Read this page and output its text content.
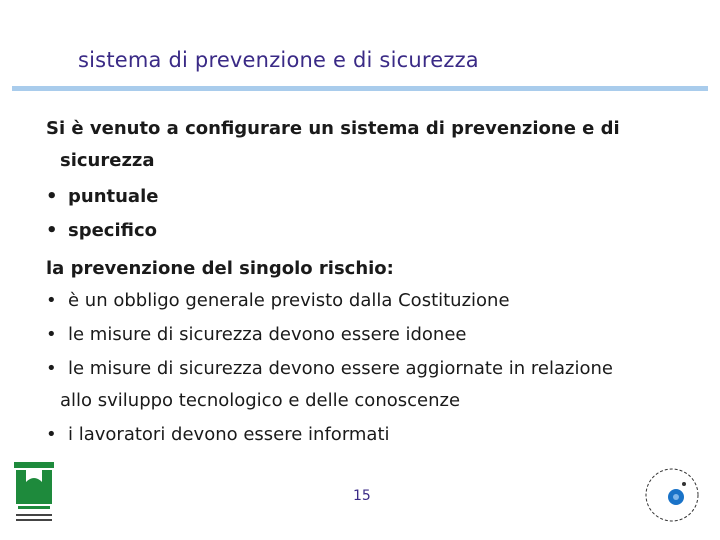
sistema di prevenzione e di sicurezza
Si è venuto a configurare un sistema di prevenzione e di
sicurezza
• puntuale
• specifico
la prevenzione del singolo rischio:
• è un obbligo generale previsto dalla Costituzione
• le misure di sicurezza devono essere idonee
• le misure di sicurezza devono essere aggiornate in relazione
allo sviluppo tecnologico e delle conoscenze
• i lavoratori devono essere informati
15
